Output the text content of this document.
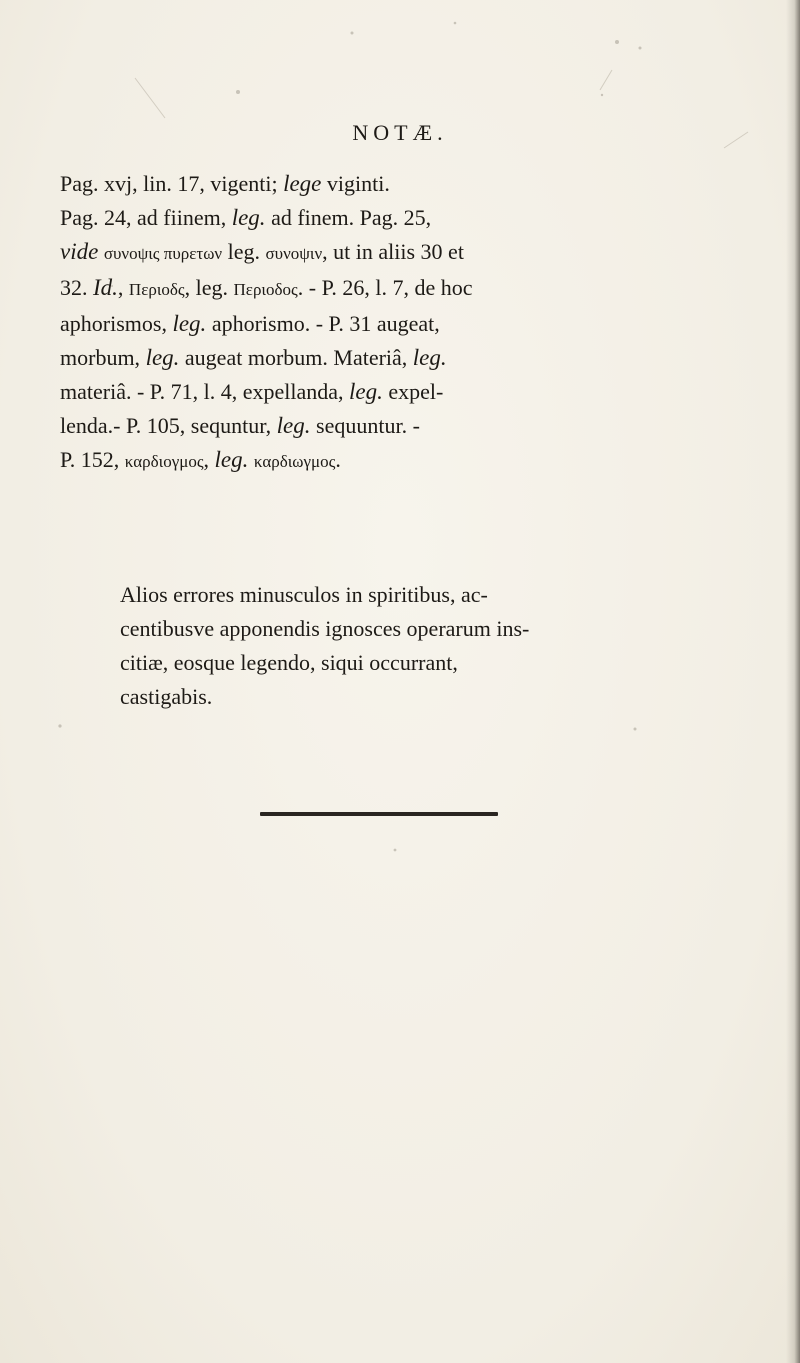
NOTÆ.
Pag. xvj, lin. 17, vigenti; lege viginti.
Pag. 24, ad fiinem, leg. ad finem. Pag. 25,
vide συνοψις πυρετων leg. συνοψιν, ut in aliis 30 et
32. Id., Περιοδς, leg. Περιοδος. - P. 26, l. 7, de hoc
aphorismos, leg. aphorismo. - P. 31 augeat,
morbum, leg. augeat morbum. Materiâ, leg.
materiâ. - P. 71, l. 4, expellanda, leg. expel-
lenda.- P. 105, sequntur, leg. sequuntur. -
P. 152, καρδιογμος, leg. καρδιωγμος.
Alios errores minusculos in spiritibus, ac-
centibusve apponendis ignosces operarum ins-
citiæ, eosque legendo, siqui occurrant,
castigabis.
